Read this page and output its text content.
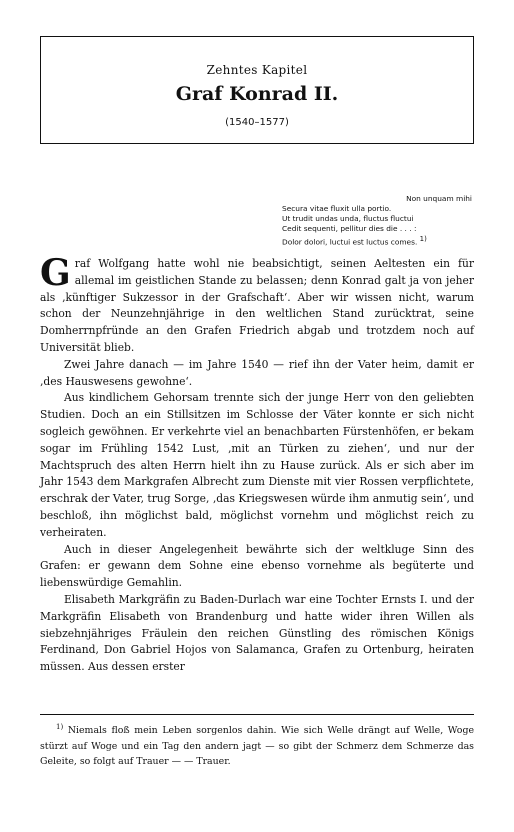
Zehntes Kapitel
Graf Konrad II.
(1540–1577)
Non unquam mihi
Secura vitae fluxit ulla portio.
Ut trudit undas unda, fluctus fluctui
Cedit sequenti, pellitur dies die . . . :
Dolor dolori, luctui est luctus comes. $^{1)}$

Graf Wolfgang hatte wohl nie beabsichtigt, seinen Aeltesten ein für allemal im geistlichen Stande zu belassen; denn Konrad galt ja von jeher als ‚künftiger Sukzessor in der Grafschaft‘. Aber wir wissen nicht, warum schon der Neunzehnjährige in den weltlichen Stand zurücktrat, seine Domherrnpfründe an den Grafen Friedrich abgab und trotzdem noch auf Universität blieb.

Zwei Jahre danach — im Jahre 1540 — rief ihn der Vater heim, damit er ‚des Hauswesens gewohne‘.

Aus kindlichem Gehorsam trennte sich der junge Herr von den geliebten Studien. Doch an ein Stillsitzen im Schlosse der Väter konnte er sich nicht sogleich gewöhnen. Er verkehrte viel an benachbarten Fürstenhöfen, er bekam sogar im Frühling 1542 Lust, ‚mit an Türken zu ziehen‘, und nur der Machtspruch des alten Herrn hielt ihn zu Hause zurück. Als er sich aber im Jahr 1543 dem Markgrafen Albrecht zum Dienste mit vier Rossen verpflichtete, erschrak der Vater, trug Sorge, ‚das Kriegswesen würde ihm anmutig sein‘, und beschloß, ihn möglichst bald, möglichst vornehm und möglichst reich zu verheiraten.

Auch in dieser Angelegenheit bewährte sich der weltkluge Sinn des Grafen: er gewann dem Sohne eine ebenso vornehme als begüterte und liebenswürdige Gemahlin.

Elisabeth Markgräfin zu Baden-Durlach war eine Tochter Ernsts I. und der Markgräfin Elisabeth von Brandenburg und hatte wider ihren Willen als siebzehnjähriges Fräulein den reichen Günstling des römischen Königs Ferdinand, Don Gabriel Hojos von Salamanca, Grafen zu Ortenburg, heiraten müssen. Aus dessen erster

$^{1)}$ Niemals floß mein Leben sorgenlos dahin. Wie sich Welle drängt auf Welle, Woge stürzt auf Woge und ein Tag den andern jagt — so gibt der Schmerz dem Schmerze das Geleite, so folgt auf Trauer — — Trauer.
